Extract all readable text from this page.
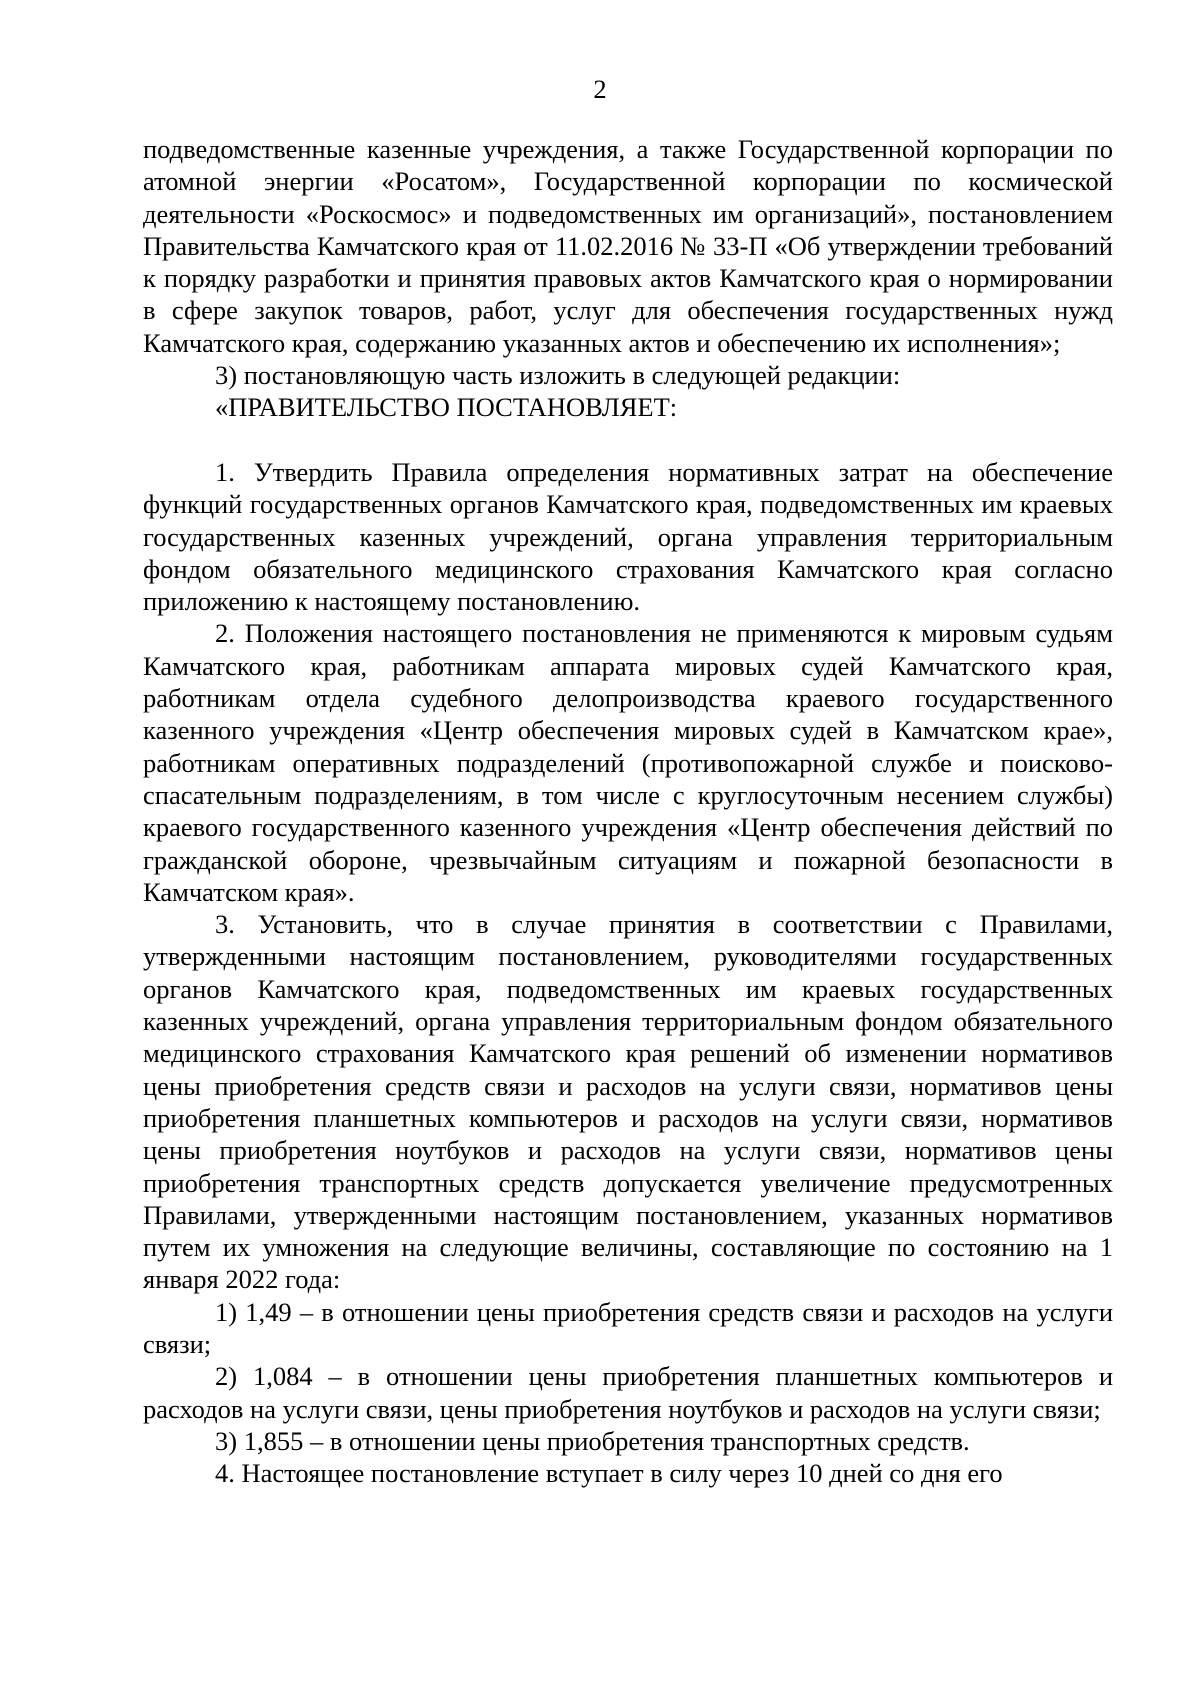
2

подведомственные казенные учреждения, а также Государственной корпорации по атомной энергии «Росатом», Государственной корпорации по космической деятельности «Роскосмос» и подведомственных им организаций», постановлением Правительства Камчатского края от 11.02.2016 № 33-П «Об утверждении требований к порядку разработки и принятия правовых актов Камчатского края о нормировании в сфере закупок товаров, работ, услуг для обеспечения государственных нужд Камчатского края, содержанию указанных актов и обеспечению их исполнения»;

3) постановляющую часть изложить в следующей редакции:

«ПРАВИТЕЛЬСТВО ПОСТАНОВЛЯЕТ:

1. Утвердить Правила определения нормативных затрат на обеспечение функций государственных органов Камчатского края, подведомственных им краевых государственных казенных учреждений, органа управления территориальным фондом обязательного медицинского страхования Камчатского края согласно приложению к настоящему постановлению.

2. Положения настоящего постановления не применяются к мировым судьям Камчатского края, работникам аппарата мировых судей Камчатского края, работникам отдела судебного делопроизводства краевого государственного казенного учреждения «Центр обеспечения мировых судей в Камчатском крае», работникам оперативных подразделений (противопожарной службе и поисково-спасательным подразделениям, в том числе с круглосуточным несением службы) краевого государственного казенного учреждения «Центр обеспечения действий по гражданской обороне, чрезвычайным ситуациям и пожарной безопасности в Камчатском края».

3. Установить, что в случае принятия в соответствии с Правилами, утвержденными настоящим постановлением, руководителями государственных органов Камчатского края, подведомственных им краевых государственных казенных учреждений, органа управления территориальным фондом обязательного медицинского страхования Камчатского края решений об изменении нормативов цены приобретения средств связи и расходов на услуги связи, нормативов цены приобретения планшетных компьютеров и расходов на услуги связи, нормативов цены приобретения ноутбуков и расходов на услуги связи, нормативов цены приобретения транспортных средств допускается увеличение предусмотренных Правилами, утвержденными настоящим постановлением, указанных нормативов путем их умножения на следующие величины, составляющие по состоянию на 1 января 2022 года:

1) 1,49 – в отношении цены приобретения средств связи и расходов на услуги связи;

2) 1,084 – в отношении цены приобретения планшетных компьютеров и расходов на услуги связи, цены приобретения ноутбуков и расходов на услуги связи;

3) 1,855 – в отношении цены приобретения транспортных средств.

4. Настоящее постановление вступает в силу через 10 дней со дня его
